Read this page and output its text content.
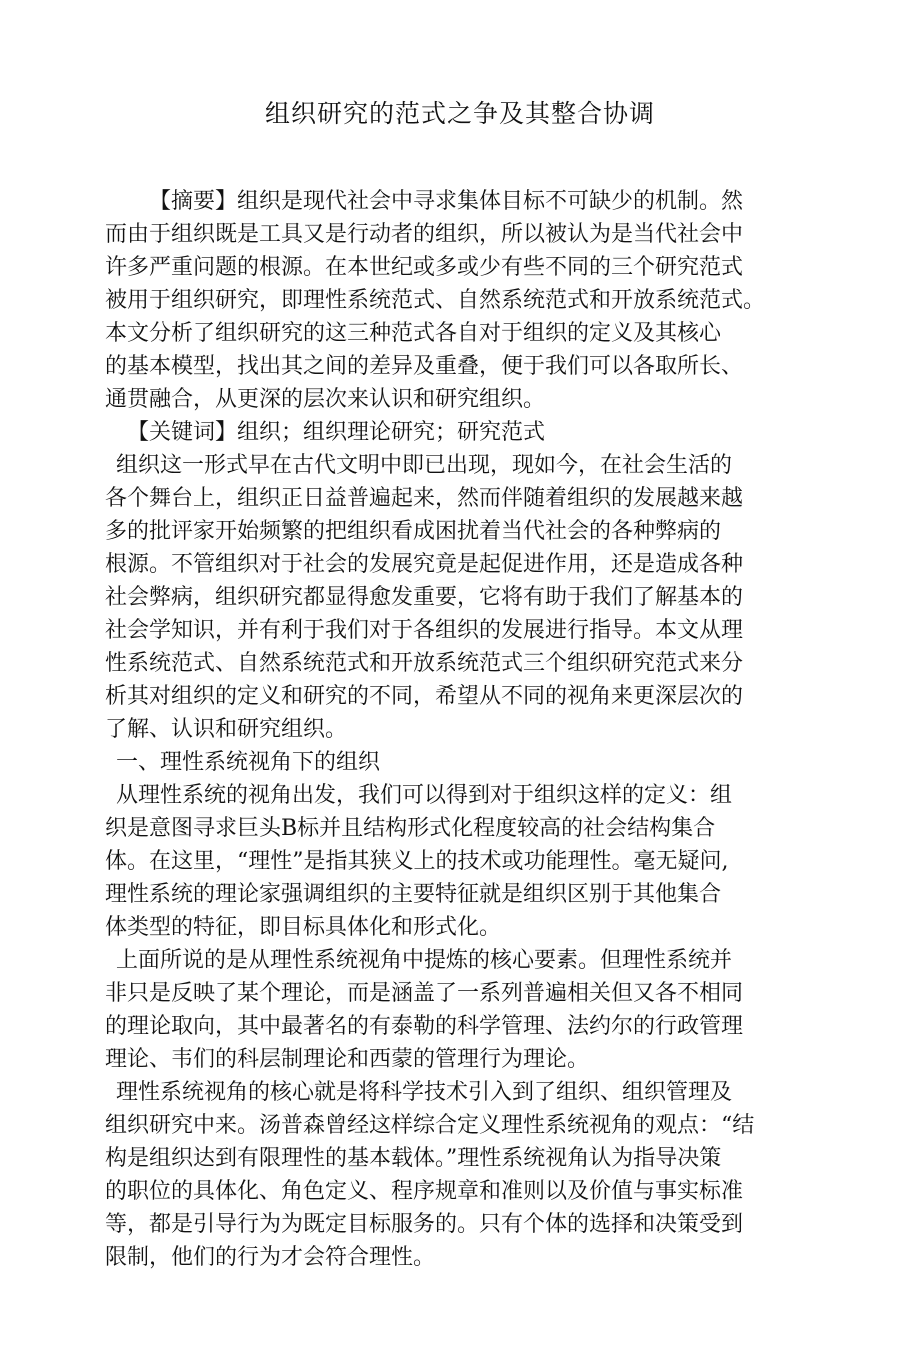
组织研究的范式之争及其整合协调
【摘要】组织是现代社会中寻求集体目标不可缺少的机制。然
而由于组织既是工具又是行动者的组织，所以被认为是当代社会中
许多严重问题的根源。在本世纪或多或少有些不同的三个研究范式
被用于组织研究，即理性系统范式、自然系统范式和开放系统范式。
本文分析了组织研究的这三种范式各自对于组织的定义及其核心
的基本模型，找出其之间的差异及重叠，便于我们可以各取所长、
通贯融合，从更深的层次来认识和研究组织。
【关键词】组织；组织理论研究；研究范式
组织这一形式早在古代文明中即已出现，现如今，在社会生活的
各个舞台上，组织正日益普遍起来，然而伴随着组织的发展越来越
多的批评家开始频繁的把组织看成困扰着当代社会的各种弊病的
根源。不管组织对于社会的发展究竟是起促进作用，还是造成各种
社会弊病，组织研究都显得愈发重要，它将有助于我们了解基本的
社会学知识，并有利于我们对于各组织的发展进行指导。本文从理
性系统范式、自然系统范式和开放系统范式三个组织研究范式来分
析其对组织的定义和研究的不同，希望从不同的视角来更深层次的
了解、认识和研究组织。
一、理性系统视角下的组织
从理性系统的视角出发，我们可以得到对于组织这样的定义：组
织是意图寻求巨头B标并且结构形式化程度较高的社会结构集合
体。在这里，“理性”是指其狭义上的技术或功能理性。毫无疑问,
理性系统的理论家强调组织的主要特征就是组织区别于其他集合
体类型的特征，即目标具体化和形式化。
上面所说的是从理性系统视角中提炼的核心要素。但理性系统并
非只是反映了某个理论，而是涵盖了一系列普遍相关但又各不相同
的理论取向，其中最著名的有泰勒的科学管理、法约尔的行政管理
理论、韦们的科层制理论和西蒙的管理行为理论。
理性系统视角的核心就是将科学技术引入到了组织、组织管理及
组织研究中来。汤普森曾经这样综合定义理性系统视角的观点：“结
构是组织达到有限理性的基本载体。”理性系统视角认为指导决策
的职位的具体化、角色定义、程序规章和准则以及价值与事实标准
等，都是引导行为为既定目标服务的。只有个体的选择和决策受到
限制，他们的行为才会符合理性。
